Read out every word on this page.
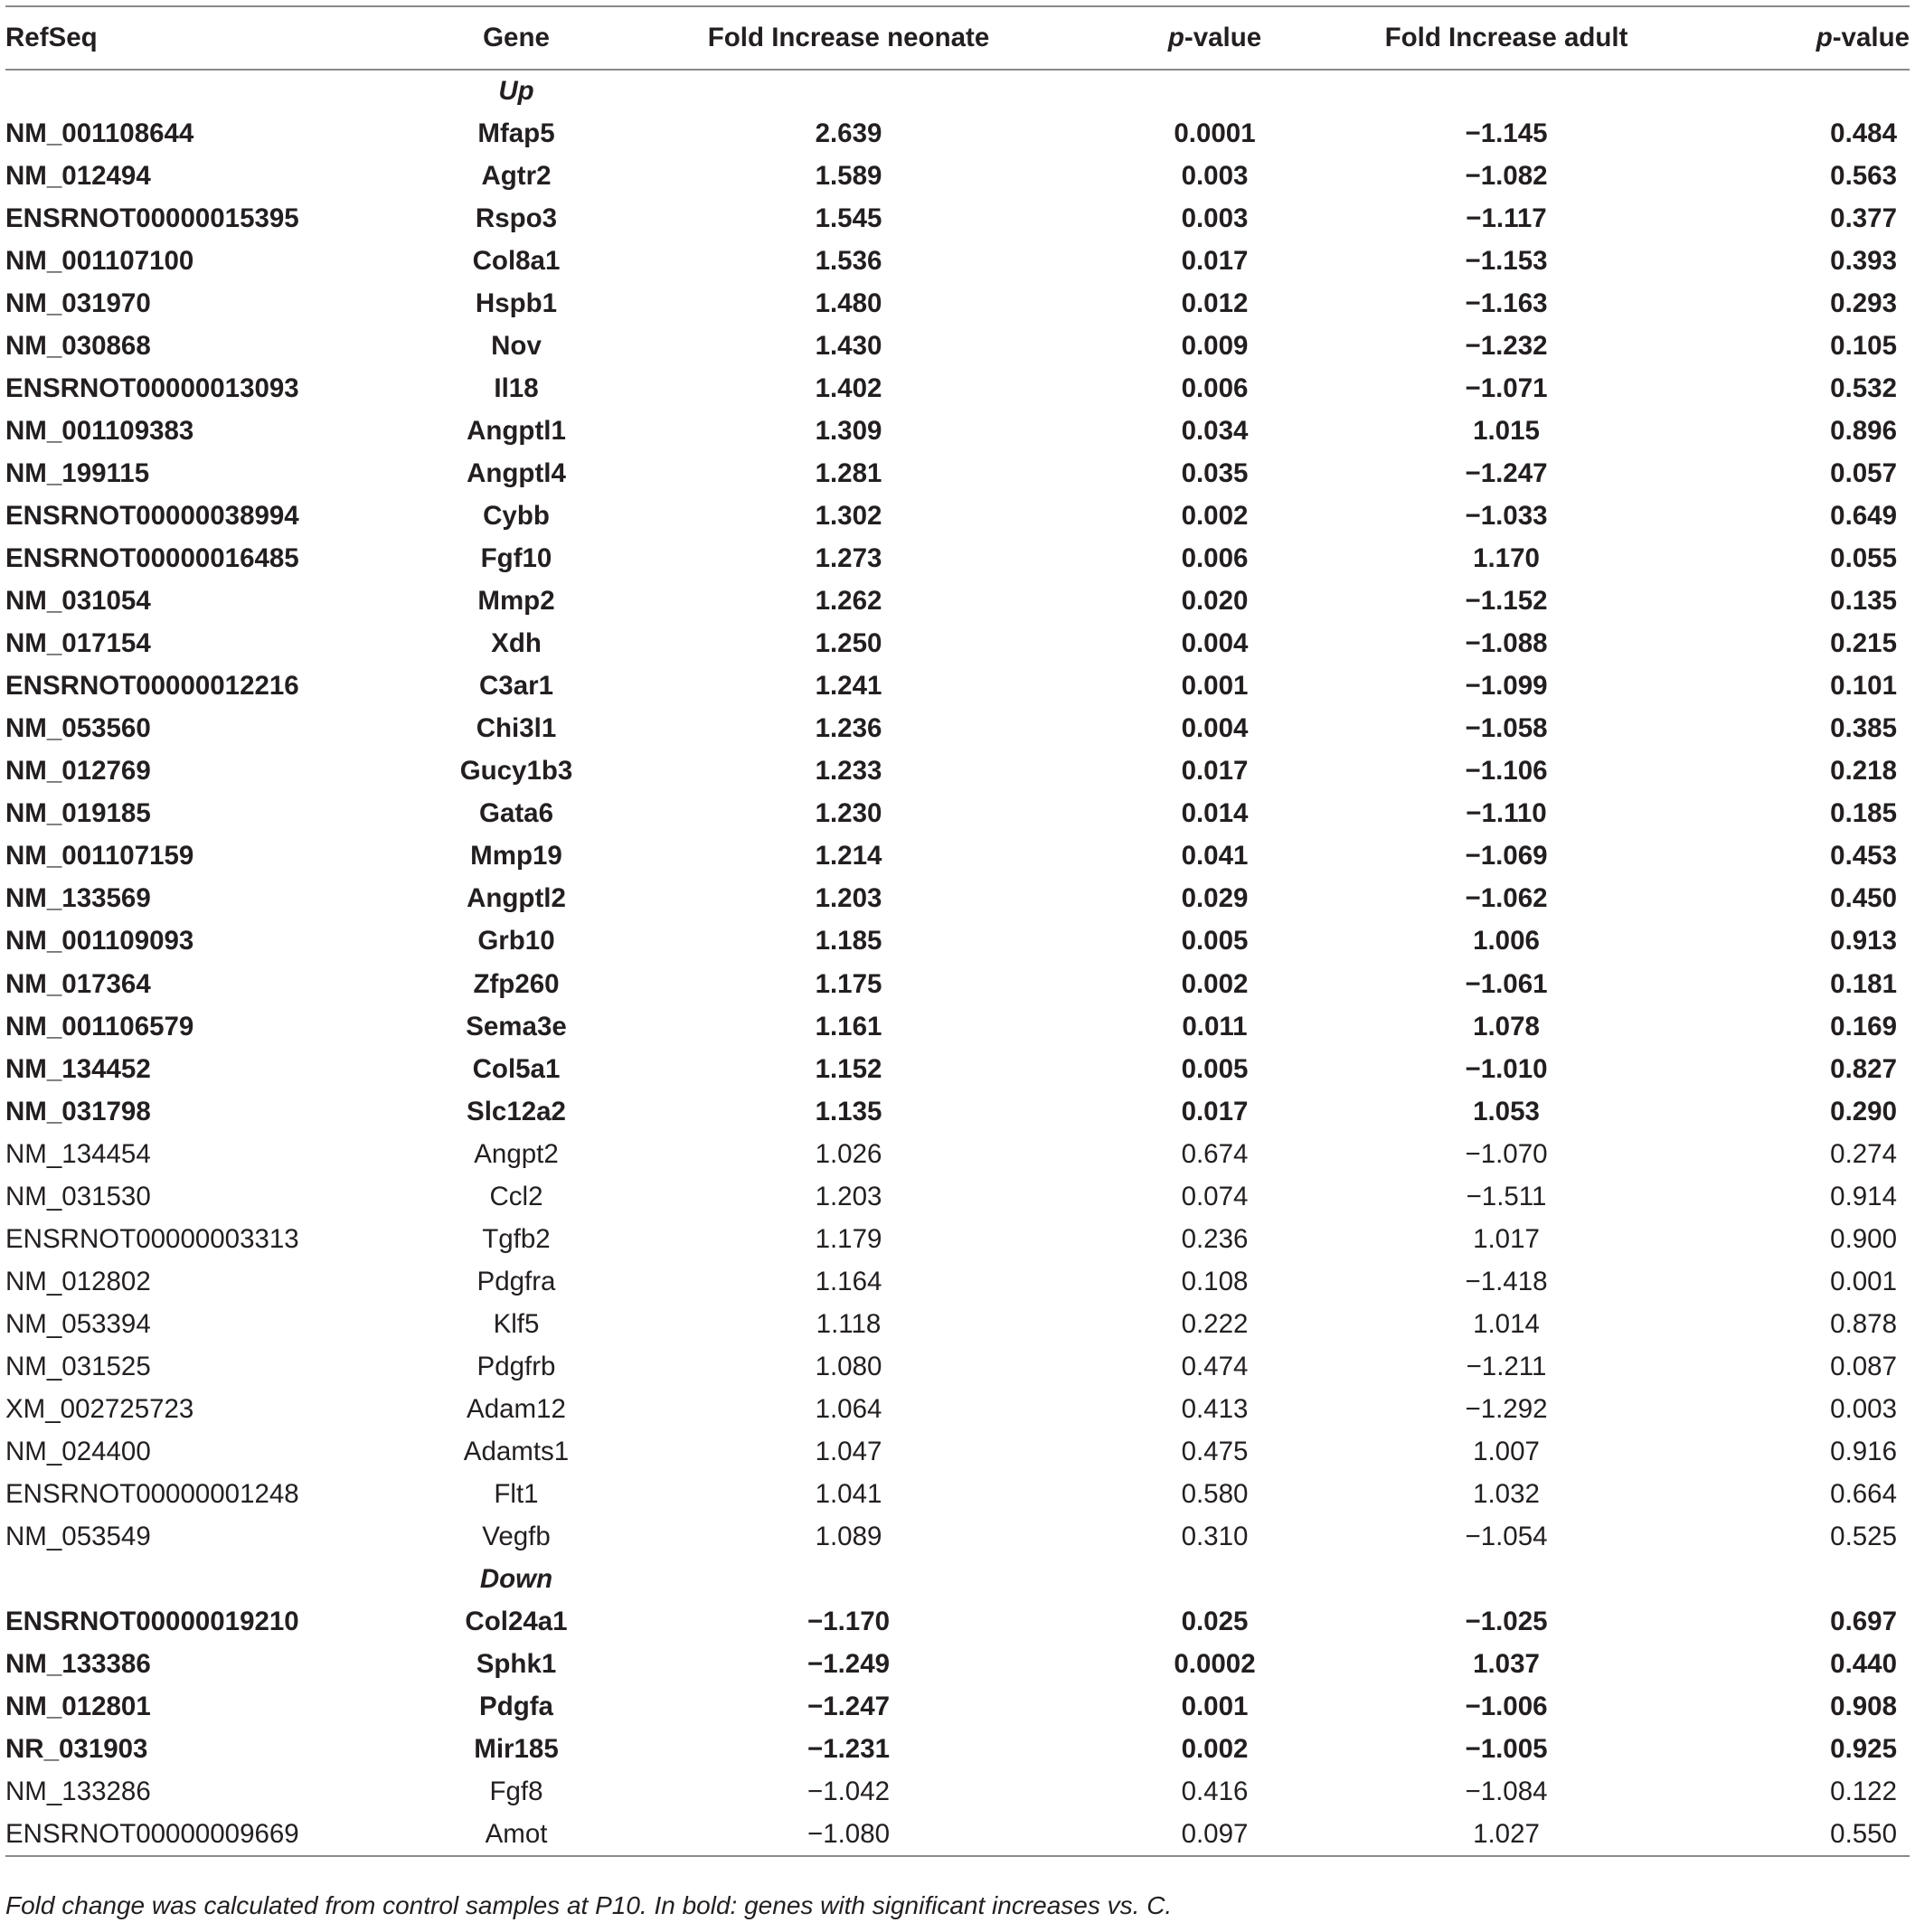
RefSeq	Gene	Fold Increase neonate	p-value	Fold Increase adult	p-value
	Up				
NM_001108644	Mfap5	2.639	0.0001	−1.145	0.484
NM_012494	Agtr2	1.589	0.003	−1.082	0.563
ENSRNOT00000015395	Rspo3	1.545	0.003	−1.117	0.377
NM_001107100	Col8a1	1.536	0.017	−1.153	0.393
NM_031970	Hspb1	1.480	0.012	−1.163	0.293
NM_030868	Nov	1.430	0.009	−1.232	0.105
ENSRNOT00000013093	Il18	1.402	0.006	−1.071	0.532
NM_001109383	Angptl1	1.309	0.034	1.015	0.896
NM_199115	Angptl4	1.281	0.035	−1.247	0.057
ENSRNOT00000038994	Cybb	1.302	0.002	−1.033	0.649
ENSRNOT00000016485	Fgf10	1.273	0.006	1.170	0.055
NM_031054	Mmp2	1.262	0.020	−1.152	0.135
NM_017154	Xdh	1.250	0.004	−1.088	0.215
ENSRNOT00000012216	C3ar1	1.241	0.001	−1.099	0.101
NM_053560	Chi3l1	1.236	0.004	−1.058	0.385
NM_012769	Gucy1b3	1.233	0.017	−1.106	0.218
NM_019185	Gata6	1.230	0.014	−1.110	0.185
NM_001107159	Mmp19	1.214	0.041	−1.069	0.453
NM_133569	Angptl2	1.203	0.029	−1.062	0.450
NM_001109093	Grb10	1.185	0.005	1.006	0.913
NM_017364	Zfp260	1.175	0.002	−1.061	0.181
NM_001106579	Sema3e	1.161	0.011	1.078	0.169
NM_134452	Col5a1	1.152	0.005	−1.010	0.827
NM_031798	Slc12a2	1.135	0.017	1.053	0.290
NM_134454	Angpt2	1.026	0.674	−1.070	0.274
NM_031530	Ccl2	1.203	0.074	−1.511	0.914
ENSRNOT00000003313	Tgfb2	1.179	0.236	1.017	0.900
NM_012802	Pdgfra	1.164	0.108	−1.418	0.001
NM_053394	Klf5	1.118	0.222	1.014	0.878
NM_031525	Pdgfrb	1.080	0.474	−1.211	0.087
XM_002725723	Adam12	1.064	0.413	−1.292	0.003
NM_024400	Adamts1	1.047	0.475	1.007	0.916
ENSRNOT00000001248	Flt1	1.041	0.580	1.032	0.664
NM_053549	Vegfb	1.089	0.310	−1.054	0.525
	Down				
ENSRNOT00000019210	Col24a1	−1.170	0.025	−1.025	0.697
NM_133386	Sphk1	−1.249	0.0002	1.037	0.440
NM_012801	Pdgfa	−1.247	0.001	−1.006	0.908
NR_031903	Mir185	−1.231	0.002	−1.005	0.925
NM_133286	Fgf8	−1.042	0.416	−1.084	0.122
ENSRNOT00000009669	Amot	−1.080	0.097	1.027	0.550
Fold change was calculated from control samples at P10. In bold: genes with significant increases vs. C.
